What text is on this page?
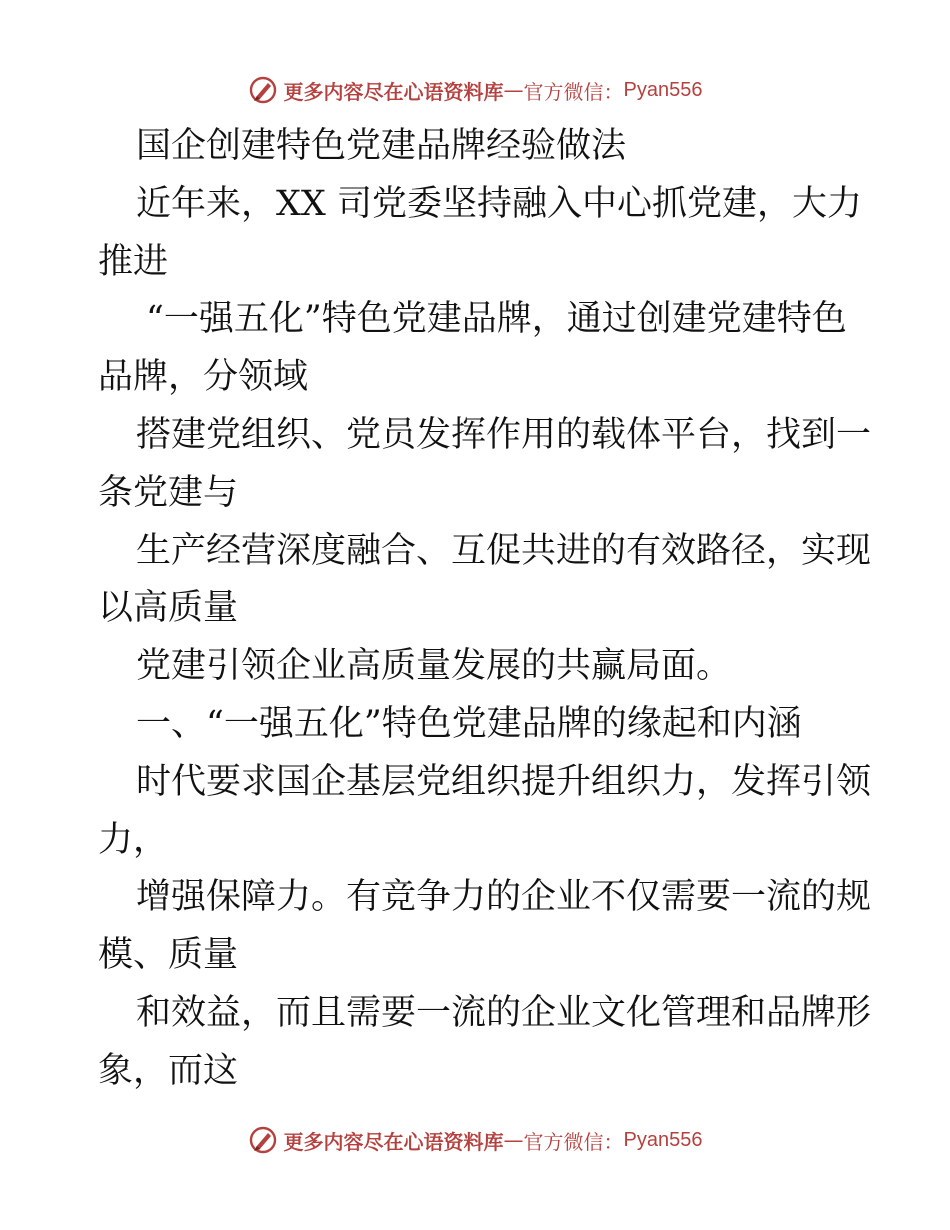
更多内容尽在心语资料库 — 官方微信： Pyan556
国企创建特色党建品牌经验做法
近年来，XX 司党委坚持融入中心抓党建，大力
推进
“一强五化”特色党建品牌，通过创建党建特色
品牌，分领域
搭建党组织、党员发挥作用的载体平台，找到一
条党建与
生产经营深度融合、互促共进的有效路径，实现
以高质量
党建引领企业高质量发展的共赢局面。
一、“一强五化”特色党建品牌的缘起和内涵
时代要求国企基层党组织提升组织力，发挥引领
力，
增强保障力。有竞争力的企业不仅需要一流的规
模、质量
和效益，而且需要一流的企业文化管理和品牌形
象，而这
更多内容尽在心语资料库 — 官方微信： Pyan556
